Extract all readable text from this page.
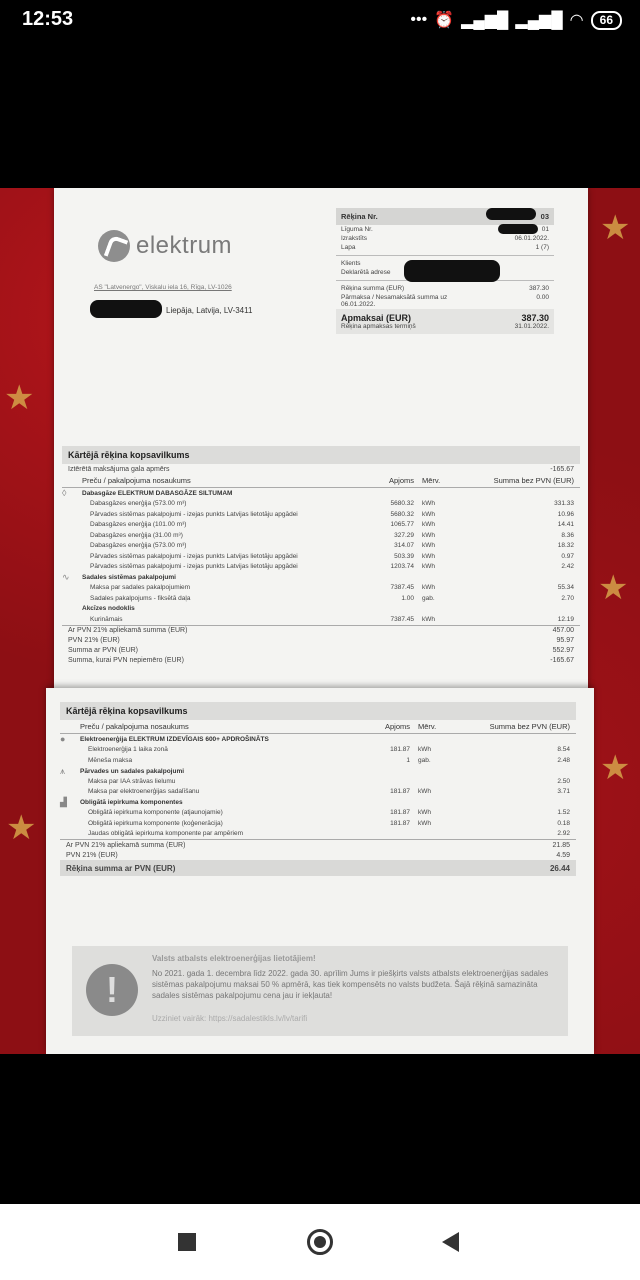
12:53	••• ⏰ ▂▄▆█ ▂▄▆█ ◠	66
★
★
★
★
★
elektrum
AS "Latvenergo", Viskalu iela 16, Rīga, LV-1026
Liepāja, Latvija, LV-3411
Rēķina Nr.	03
Līguma Nr.	01
Izrakstīts	06.01.2022.
Lapa	1 (7)
Klients
Deklarētā adrese
Rēķina summa (EUR)	387.30
Pārmaksa / Nesamaksātā summa uz 06.01.2022.
0.00
Apmaksai (EUR)	387.30
Rēķina apmaksas termiņš	31.01.2022.
Kārtējā rēķina kopsavilkums
Iztērētā maksājuma gala apmērs	-165.67
Preču / pakalpojuma nosaukums	Apjoms	Mērv.	Summa bez PVN (EUR)
◊	Dabasgāze ELEKTRUM DABASGĀZE SILTUMAM
Dabasgāzes enerģija (573.00 m³)	5680.32	kWh	331.33
Pārvades sistēmas pakalpojumi - izejas punkts Latvijas lietotāju apgādei	5680.32	kWh	10.96
Dabasgāzes enerģija (101.00 m³)	1065.77	kWh	14.41
Dabasgāzes enerģija (31.00 m³)	327.29	kWh	8.36
Dabasgāzes enerģija (573.00 m³)	314.07	kWh	18.32
Pārvades sistēmas pakalpojumi - izejas punkts Latvijas lietotāju apgādei	503.39	kWh	0.97
Pārvades sistēmas pakalpojumi - izejas punkts Latvijas lietotāju apgādei	1203.74	kWh	2.42
∿	Sadales sistēmas pakalpojumi
Maksa par sadales pakalpojumiem	7387.45	kWh	55.34
Sadales pakalpojums - fiksētā daļa	1.00	gab.	2.70
Akcīzes nodoklis
Kurināmais	7387.45	kWh	12.19
Ar PVN 21% apliekamā summa (EUR)	457.00
PVN 21% (EUR)	95.97
Summa ar PVN (EUR)	552.97
Summa, kurai PVN nepiemēro (EUR)	-165.67
Kārtējā rēķina kopsavilkums
Preču / pakalpojuma nosaukums	Apjoms	Mērv.	Summa bez PVN (EUR)
●	Elektroenerģija ELEKTRUM IZDEVĪGAIS 600+ APDROŠINĀTS
Elektroenerģija 1 laika zonā	181.87	kWh	8.54
Mēneša maksa	1	gab.	2.48
⩚	Pārvades un sadales pakalpojumi
Maksa par IAA strāvas lielumu	2.50
Maksa par elektroenerģijas sadalīšanu	181.87	kWh	3.71
▟	Obligātā iepirkuma komponentes
Obligātā iepirkuma komponente (atjaunojamie)	181.87	kWh	1.52
Obligātā iepirkuma komponente (koģenerācija)	181.87	kWh	0.18
Jaudas obligātā iepirkuma komponente par ampēriem	2.92
Ar PVN 21% apliekamā summa (EUR)	21.85
PVN 21% (EUR)	4.59
Rēķina summa ar PVN (EUR)	26.44
!
Valsts atbalsts elektroenerģijas lietotājiem!
No 2021. gada 1. decembra līdz 2022. gada 30. aprīlim Jums ir piešķirts valsts atbalsts elektroenerģijas sadales sistēmas pakalpojumu maksai 50 % apmērā, kas tiek kompensēts no valsts budžeta. Šajā rēķinā samazināta sadales sistēmas pakalpojumu cena jau ir iekļauta!
Uzziniet vairāk: https://sadalestikls.lv/lv/tarifi
